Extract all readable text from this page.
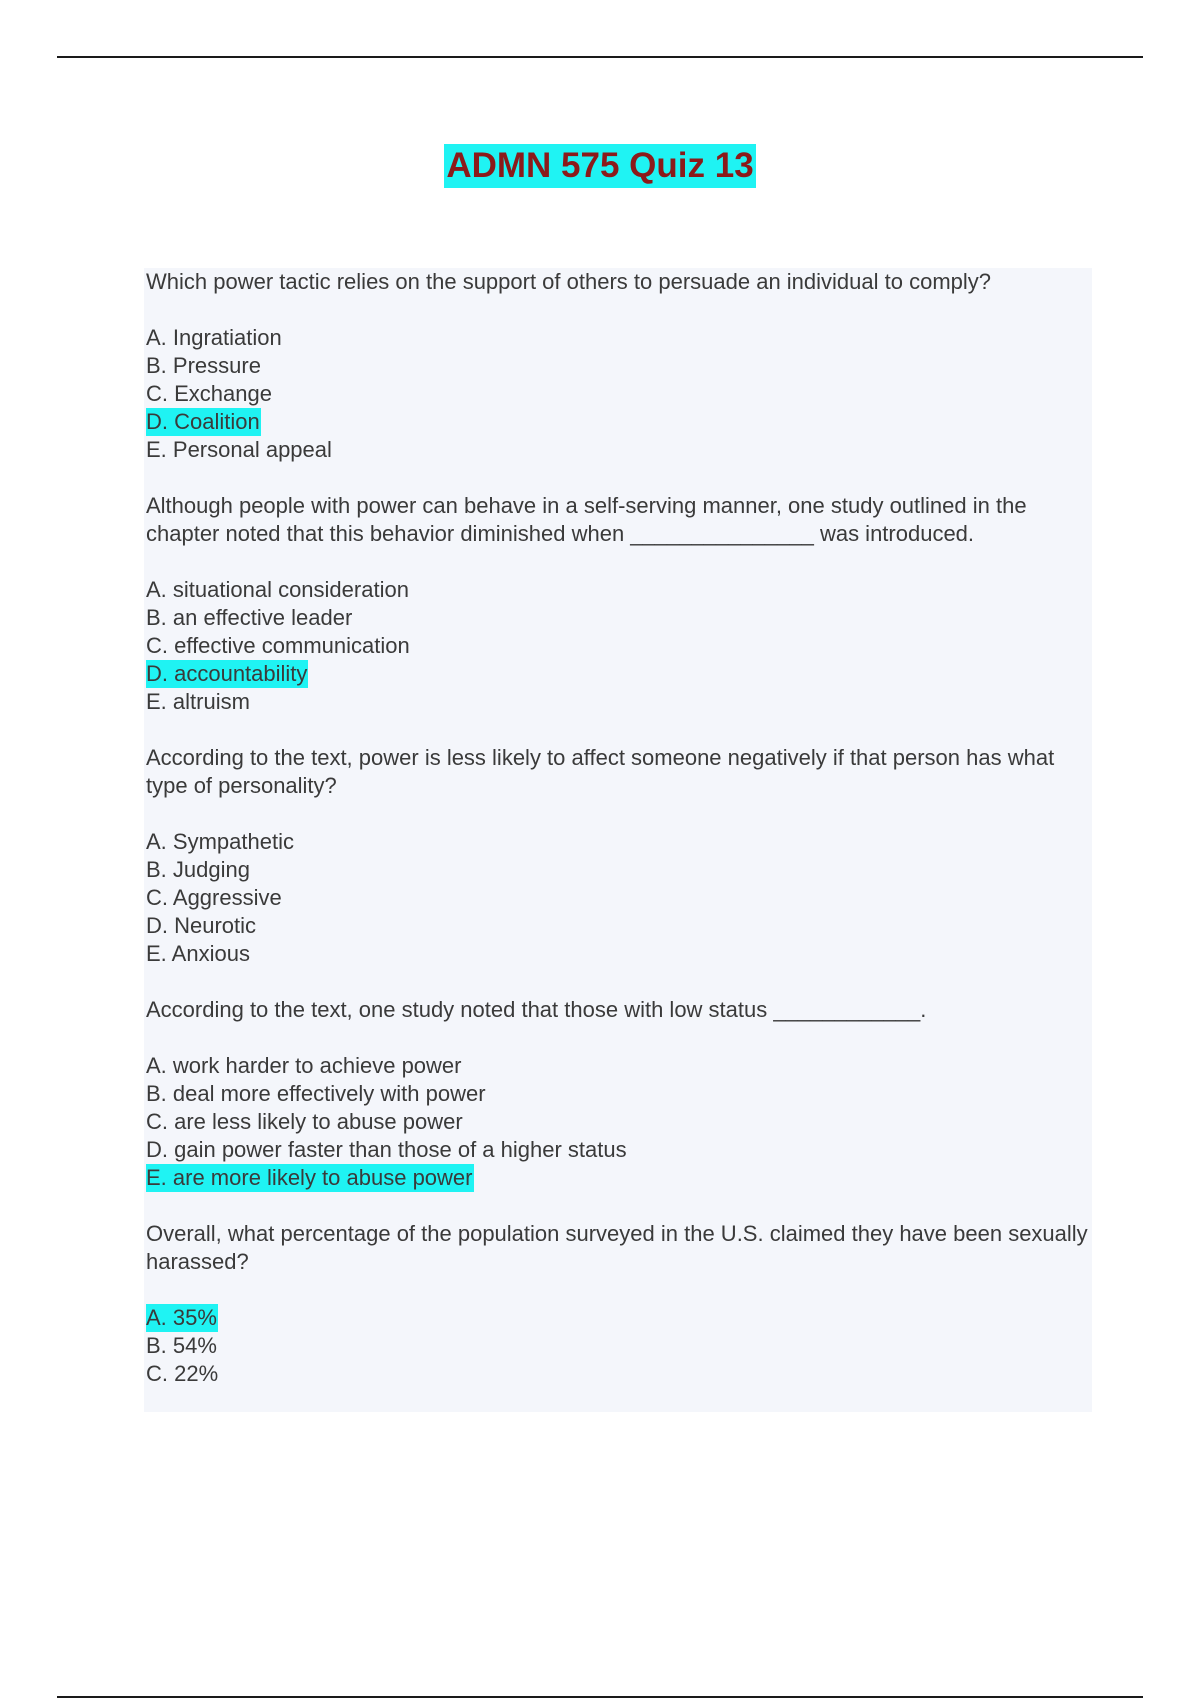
ADMN 575 Quiz 13

Which power tactic relies on the support of others to persuade an individual to comply?

A. Ingratiation
B. Pressure
C. Exchange
D. Coalition
E. Personal appeal

Although people with power can behave in a self-serving manner, one study outlined in the chapter noted that this behavior diminished when _______________ was introduced.

A. situational consideration
B. an effective leader
C. effective communication
D. accountability
E. altruism

According to the text, power is less likely to affect someone negatively if that person has what type of personality?

A. Sympathetic
B. Judging
C. Aggressive
D. Neurotic
E. Anxious

According to the text, one study noted that those with low status ____________.

A. work harder to achieve power
B. deal more effectively with power
C. are less likely to abuse power
D. gain power faster than those of a higher status
E. are more likely to abuse power

Overall, what percentage of the population surveyed in the U.S. claimed they have been sexually harassed?

A. 35%
B. 54%
C. 22%
